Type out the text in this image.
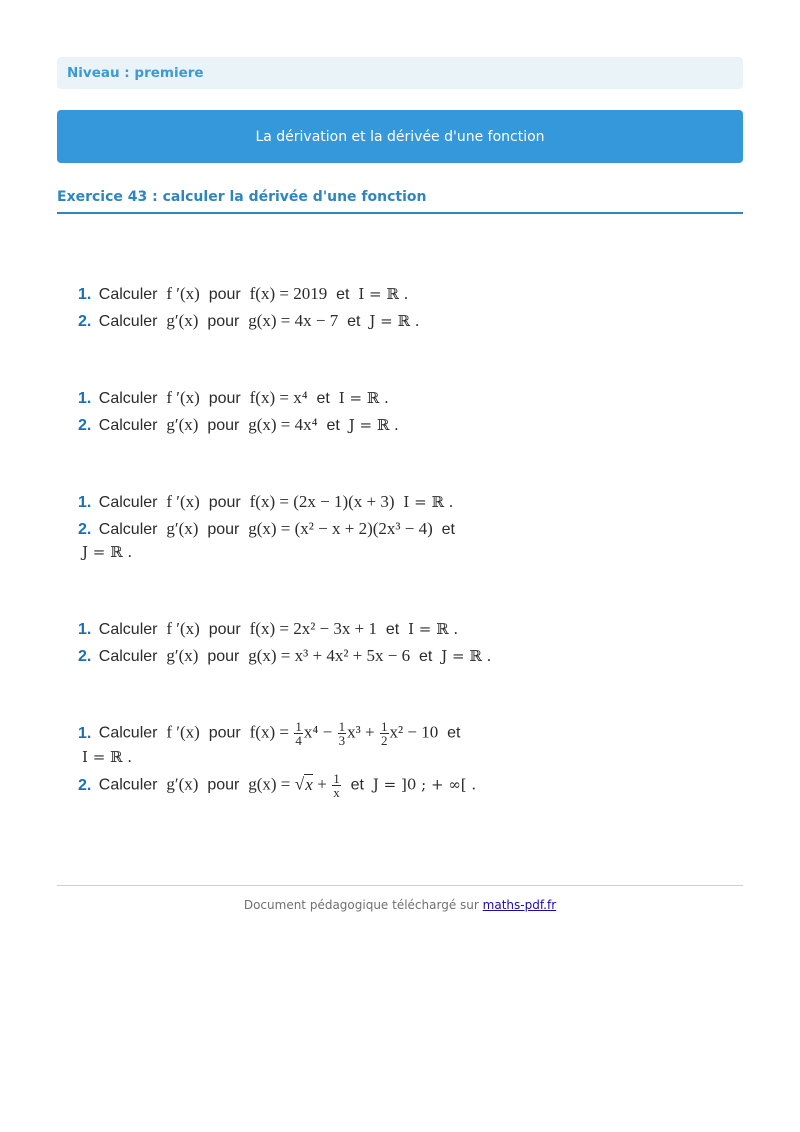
Niveau : premiere
La dérivation et la dérivée d'une fonction
Exercice 43 : calculer la dérivée d'une fonction
1. Calculer f ′(x) pour f(x) = 2019 et I = ℝ .
2. Calculer g′(x) pour g(x) = 4x − 7 et J = ℝ .
1. Calculer f ′(x) pour f(x) = x⁴ et I = ℝ .
2. Calculer g′(x) pour g(x) = 4x⁴ et J = ℝ .
1. Calculer f ′(x) pour f(x) = (2x − 1)(x + 3) I = ℝ .
2. Calculer g′(x) pour g(x) = (x² − x + 2)(2x³ − 4) et
J = ℝ .
1. Calculer f ′(x) pour f(x) = 2x² − 3x + 1 et I = ℝ .
2. Calculer g′(x) pour g(x) = x³ + 4x² + 5x − 6 et J = ℝ .
1. Calculer f ′(x) pour $f(x) = \frac{1}{4} x^4 - \frac{1}{3} x^3 + \frac{1}{2} x^2 - 10$ et
I = ℝ .
2. Calculer g′(x) pour $g(x) = √x + \frac{1}{x}$ et J = ]0 ; + ∞[ .
Document pédagogique téléchargé sur maths-pdf.fr
